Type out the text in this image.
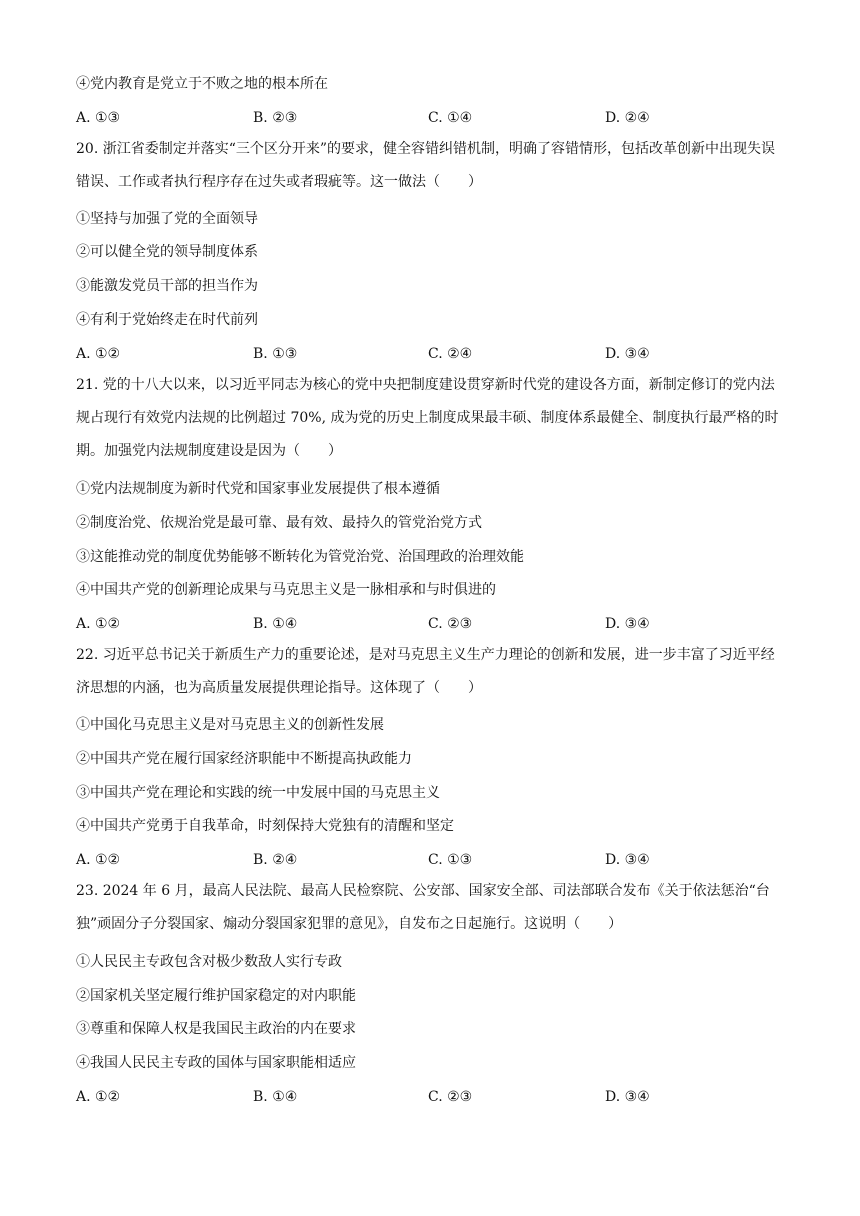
④党内教育是党立于不败之地的根本所在
A. ①③	B. ②③	C. ①④	D. ②④
20. 浙江省委制定并落实“三个区分开来”的要求，健全容错纠错机制，明确了容错情形，包括改革创新中出现失误错误、工作或者执行程序存在过失或者瑕疵等。这一做法（　　）
①坚持与加强了党的全面领导
②可以健全党的领导制度体系
③能激发党员干部的担当作为
④有利于党始终走在时代前列
A. ①②	B. ①③	C. ②④	D. ③④
21. 党的十八大以来，以习近平同志为核心的党中央把制度建设贯穿新时代党的建设各方面，新制定修订的党内法规占现行有效党内法规的比例超过 70%, 成为党的历史上制度成果最丰硕、制度体系最健全、制度执行最严格的时期。加强党内法规制度建设是因为（　　）
①党内法规制度为新时代党和国家事业发展提供了根本遵循
②制度治党、依规治党是最可靠、最有效、最持久的管党治党方式
③这能推动党的制度优势能够不断转化为管党治党、治国理政的治理效能
④中国共产党的创新理论成果与马克思主义是一脉相承和与时俱进的
A. ①②	B. ①④	C. ②③	D. ③④
22. 习近平总书记关于新质生产力的重要论述，是对马克思主义生产力理论的创新和发展，进一步丰富了习近平经济思想的内涵，也为高质量发展提供理论指导。这体现了（　　）
①中国化马克思主义是对马克思主义的创新性发展
②中国共产党在履行国家经济职能中不断提高执政能力
③中国共产党在理论和实践的统一中发展中国的马克思主义
④中国共产党勇于自我革命，时刻保持大党独有的清醒和坚定
A. ①②	B. ②④	C. ①③	D. ③④
23. 2024 年 6 月，最高人民法院、最高人民检察院、公安部、国家安全部、司法部联合发布《关于依法惩治“台独”顽固分子分裂国家、煽动分裂国家犯罪的意见》，自发布之日起施行。这说明（　　）
①人民民主专政包含对极少数敌人实行专政
②国家机关坚定履行维护国家稳定的对内职能
③尊重和保障人权是我国民主政治的内在要求
④我国人民民主专政的国体与国家职能相适应
A. ①②	B. ①④	C. ②③	D. ③④
